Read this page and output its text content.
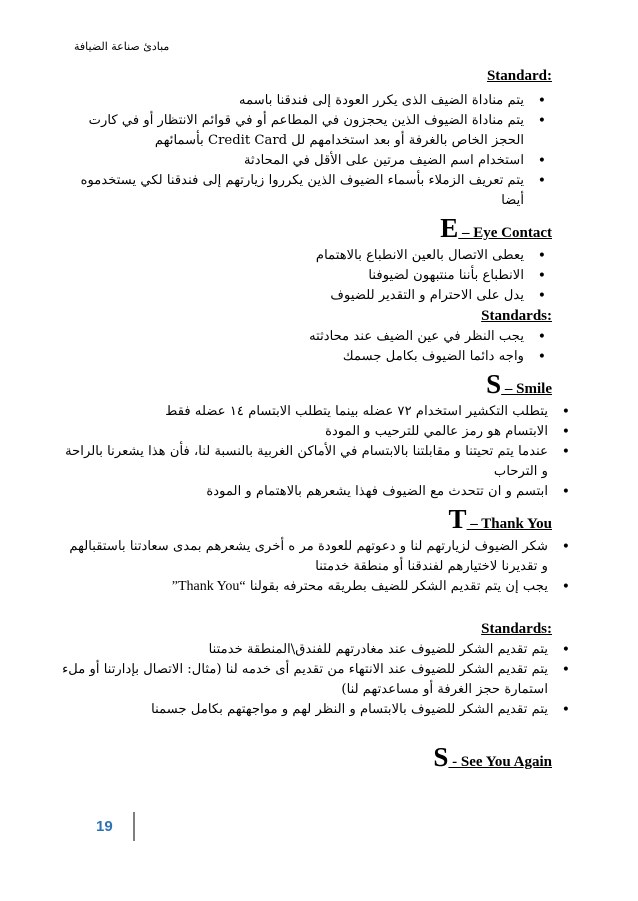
مبادئ صناعة الضيافة
Standard:
• يتم مناداة الضيف الذى يكرر العودة إلى فندقنا باسمه
• يتم مناداة الضيوف الذين يحجزون في المطاعم أو في قوائم الانتظار أو في كارت الحجز الخاص بالغرفة أو بعد استخدامهم لل Credit Card بأسمائهم
• استخدام اسم الضيف مرتين على الأقل في المحادثة
• يتم تعريف الزملاء بأسماء الضيوف الذين يكرروا زيارتهم إلى فندقنا لكي يستخدموه أيضا
E – Eye Contact
• يعطى الاتصال بالعين الانطباع بالاهتمام
• الانطباع بأننا منتبهون لضيوفنا
• يدل على الاحترام و التقدير للضيوف
Standards:
• يجب النظر في عين الضيف عند محادثته
• واجه دائما الضيوف بكامل جسمك
S – Smile
• يتطلب التكشير استخدام ٧٢ عضله بينما يتطلب الابتسام ١٤ عضله فقط
• الابتسام هو رمز عالمي للترحيب و المودة
• عندما يتم تحيتنا و مقابلتنا بالابتسام في الأماكن الغربية بالنسبة لنا، فأن هذا يشعرنا بالراحة و الترحاب
• ابتسم و ان تتحدث مع الضيوف فهذا يشعرهم بالاهتمام و المودة
T – Thank You
• شكر الضيوف لزيارتهم لنا و دعوتهم للعودة مر ه أخرى يشعرهم بمدى سعادتنا باستقبالهم و تقديرنا لاختيارهم لفندقنا أو منطقة خدمتنا
• يجب إن يتم تقديم الشكر للضيف بطريقه محترفه بقولنا “Thank You”
Standards:
• يتم تقديم الشكر للضيوف عند مغادرتهم للفندق\المنطقة خدمتنا
• يتم تقديم الشكر للضيوف عند الانتهاء من تقديم أى خدمه لنا (مثال: الاتصال بإدارتنا أو ملء استمارة حجز الغرفة أو مساعدتهم لنا)
• يتم تقديم الشكر للضيوف بالابتسام و النظر لهم و مواجهتهم بكامل جسمنا
S - See You Again
19
